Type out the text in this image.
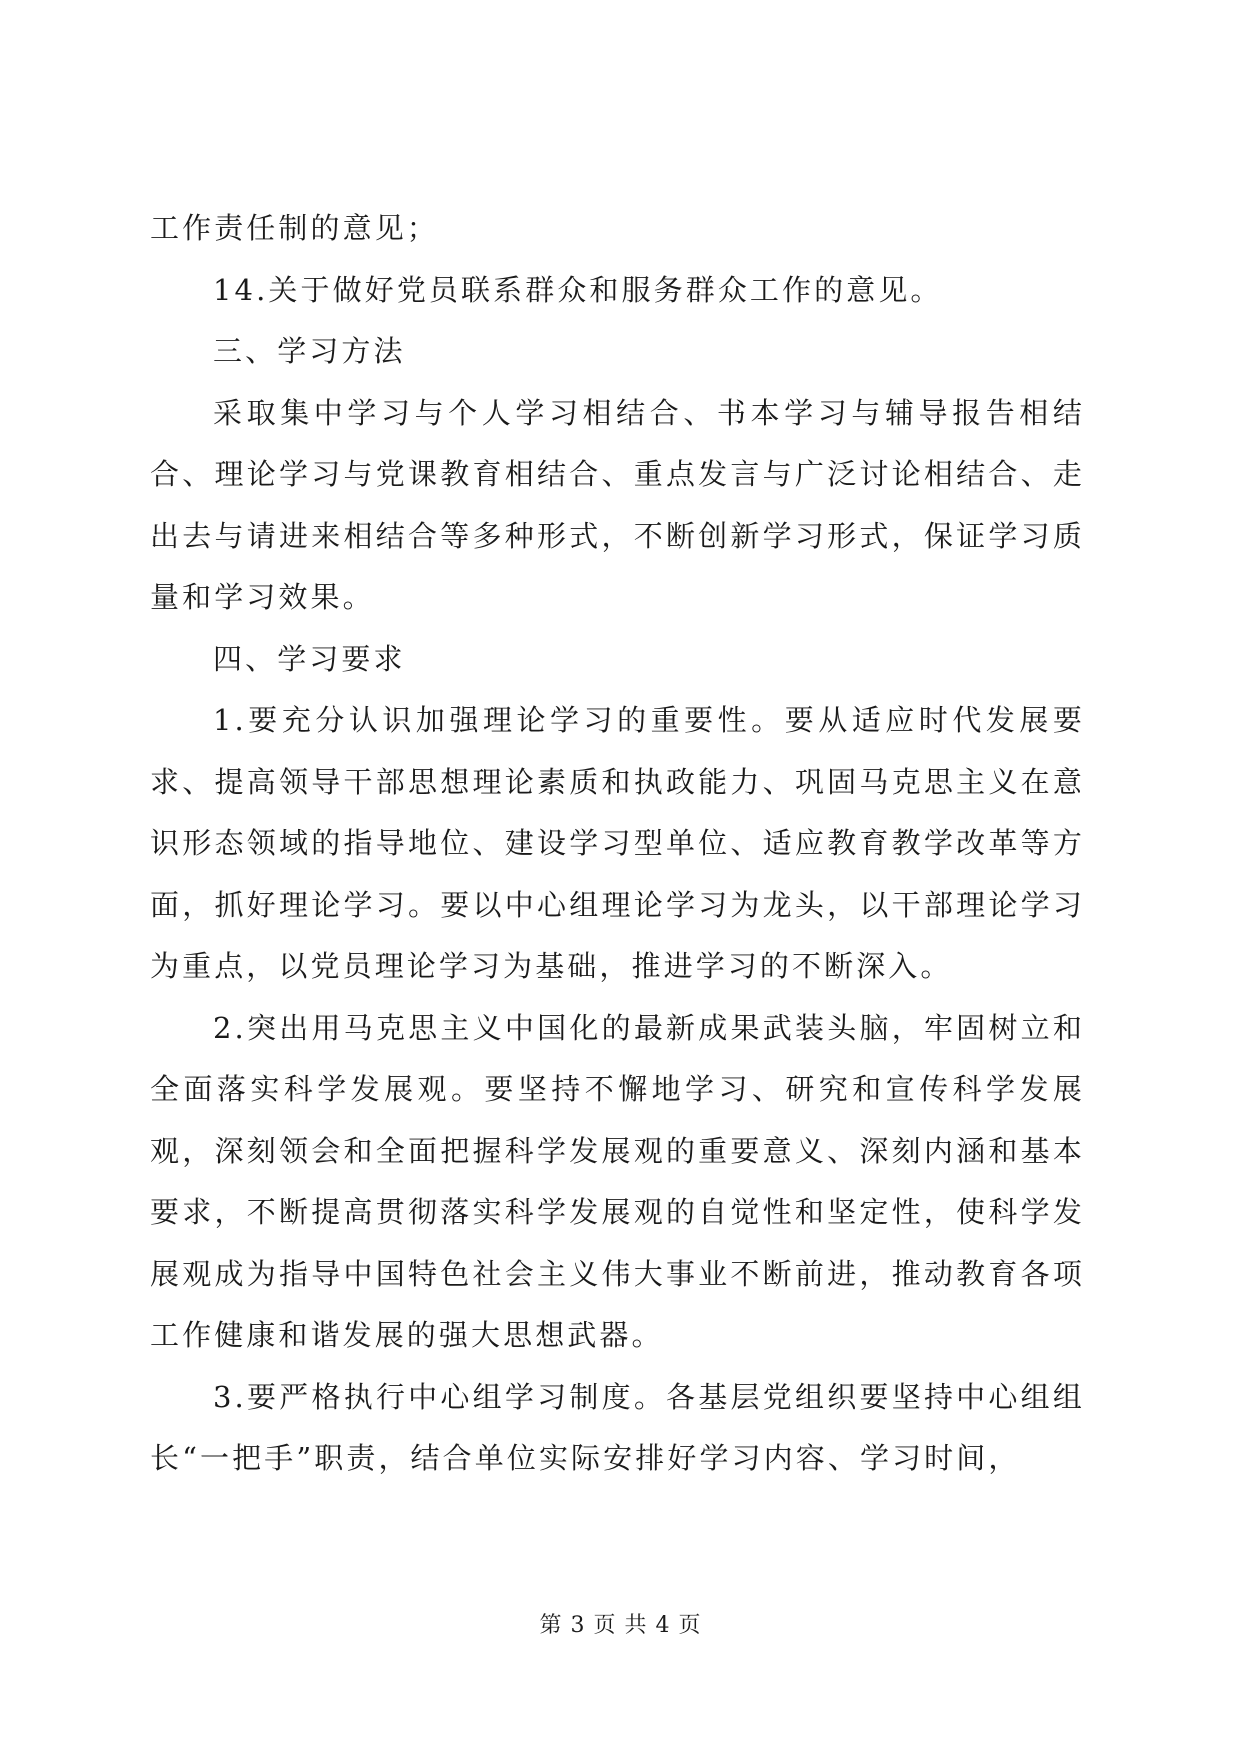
工作责任制的意见；

14.关于做好党员联系群众和服务群众工作的意见。

三、学习方法

采取集中学习与个人学习相结合、书本学习与辅导报告相结合、理论学习与党课教育相结合、重点发言与广泛讨论相结合、走出去与请进来相结合等多种形式，不断创新学习形式，保证学习质量和学习效果。

四、学习要求

1.要充分认识加强理论学习的重要性。要从适应时代发展要求、提高领导干部思想理论素质和执政能力、巩固马克思主义在意识形态领域的指导地位、建设学习型单位、适应教育教学改革等方面，抓好理论学习。要以中心组理论学习为龙头，以干部理论学习为重点，以党员理论学习为基础，推进学习的不断深入。

2.突出用马克思主义中国化的最新成果武装头脑，牢固树立和全面落实科学发展观。要坚持不懈地学习、研究和宣传科学发展观，深刻领会和全面把握科学发展观的重要意义、深刻内涵和基本要求，不断提高贯彻落实科学发展观的自觉性和坚定性，使科学发展观成为指导中国特色社会主义伟大事业不断前进，推动教育各项工作健康和谐发展的强大思想武器。

3.要严格执行中心组学习制度。各基层党组织要坚持中心组组长“一把手”职责，结合单位实际安排好学习内容、学习时间，

第 3 页 共 4 页
